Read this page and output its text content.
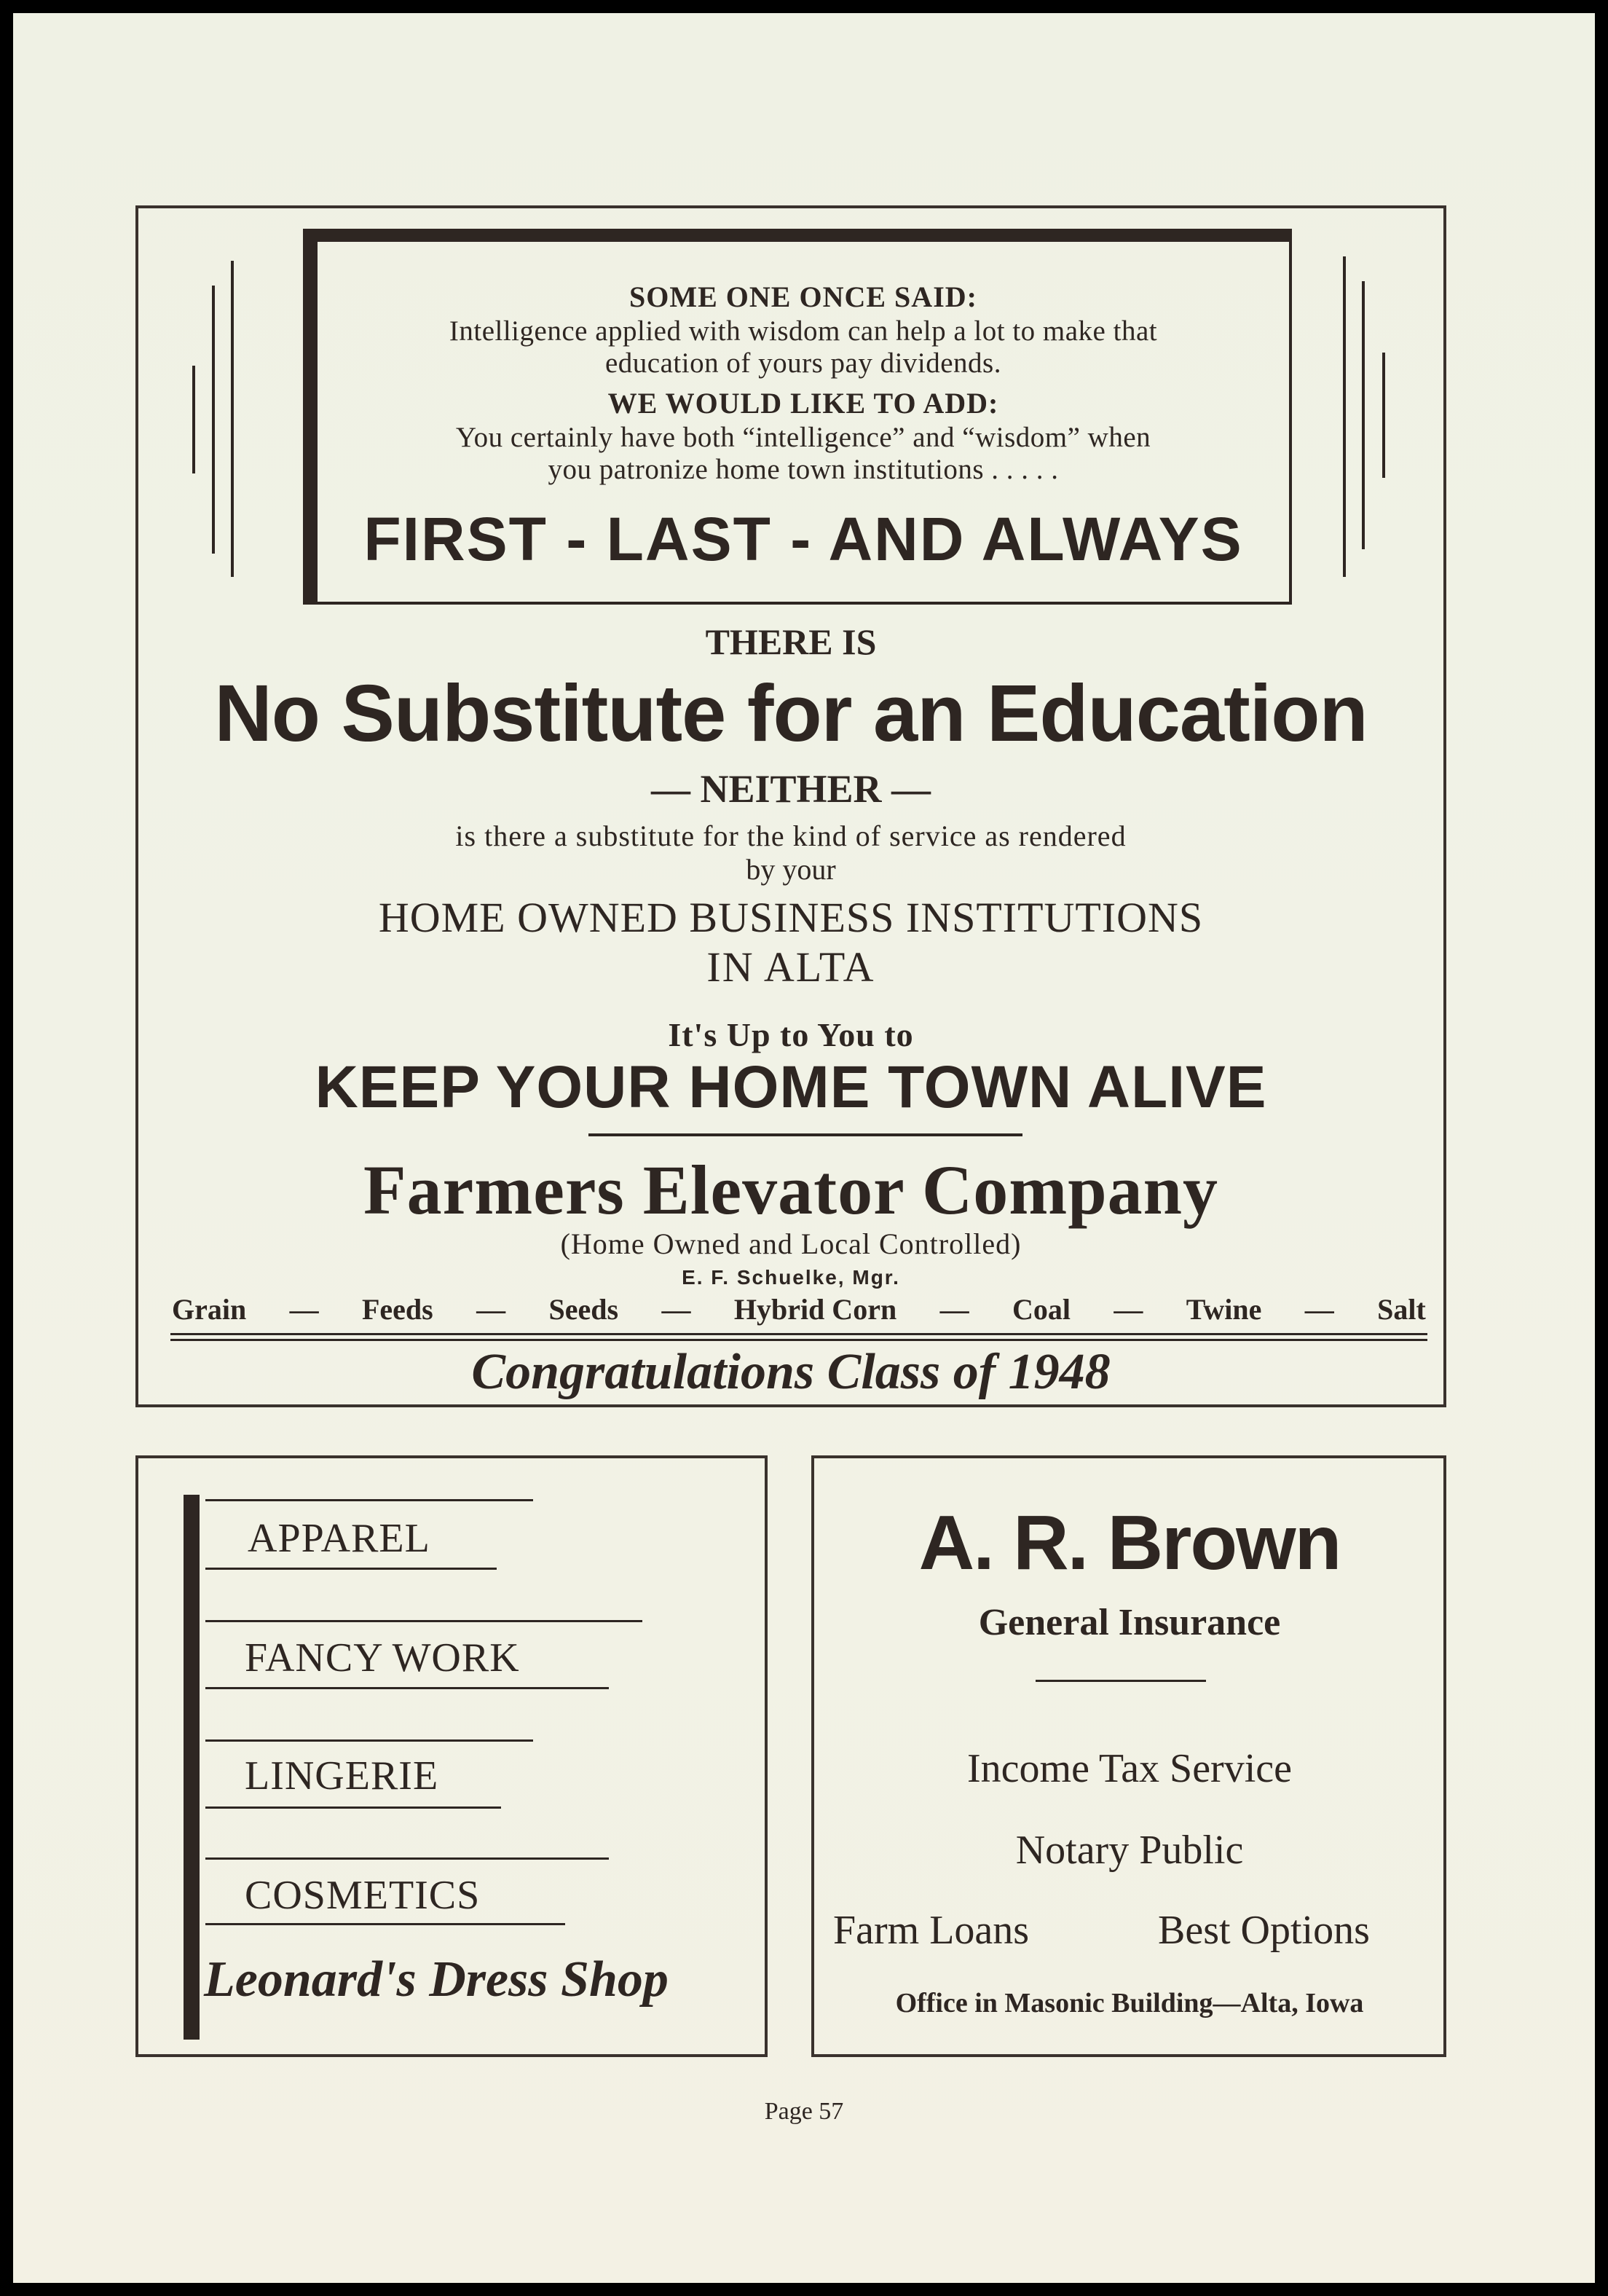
SOME ONE ONCE SAID:
Intelligence applied with wisdom can help a lot to make that
education of yours pay dividends.
WE WOULD LIKE TO ADD:
You certainly have both “intelligence” and “wisdom” when
you patronize home town institutions . . . . .
FIRST - LAST - AND ALWAYS
THERE IS
No Substitute for an Education
— NEITHER —
is there a substitute for the kind of service as rendered
by your
HOME OWNED BUSINESS INSTITUTIONS
IN ALTA
It's Up to You to
KEEP YOUR HOME TOWN ALIVE
Farmers Elevator Company
(Home Owned and Local Controlled)
E. F. Schuelke, Mgr.
Grain — Feeds — Seeds — Hybrid Corn — Coal — Twine — Salt
Congratulations Class of 1948
APPAREL
FANCY WORK
LINGERIE
COSMETICS
Leonard's Dress Shop
A. R. Brown
General Insurance
Income Tax Service
Notary Public
Farm Loans	Best Options
Office in Masonic Building—Alta, Iowa
Page 57
